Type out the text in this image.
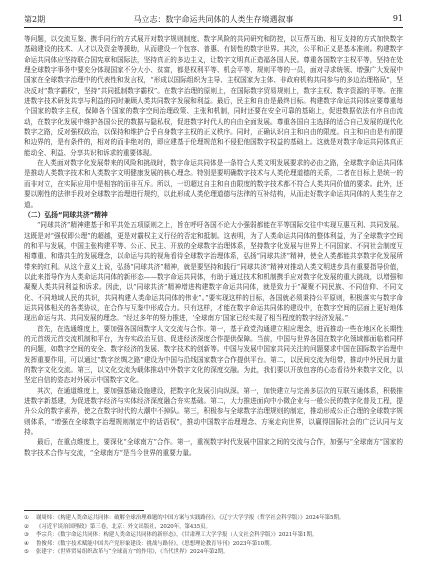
第2期	马立志：数字命运共同体的人类生存境遇叙事	91

等问题，以交流互鉴、携手同行的方式展开对数字规则制度、数字风险的共同研究和防控，以互帮互助、相互支持的方式加快数字基础建设的技术、人才以及资金等援助，从而建设一个包容、普惠、有韧性的数字世界。其次，公平和正义是基本准则。构建数字命运共同体应坚持联合国宪章和国际法，坚持真正的多边主义，让数字文明真正造福各国人民。尊重各国数字主权平等，坚持在处理全球数字事务中要充分体现国家不分大小、贫富，都是权利平等、机会平等、规则平等的一员，面对寻求统领、增强广大发展中国家在全球数字治理中的代表性和发言权，“形成以国际组织为主导、主权国家为主体、非政府机构共同参与的多边治理格局”，坚决反对“数字霸权”，坚持“共同抵制数字霸权”。在数字治理的原则上，在国际数字贸易规则上，数字主权、数字资源的平等。在推进数字技术研发共享与利益的同时兼顾人类共同数字发展和利益。最后，民主和自由是最终目标。构建数字命运共同体应要尊重每个国家的数字主权，保障各个国家的数字空间治理政策、主张和机制，同时还要在安全可靠的基础上，促进数据依法有序自由流动，在数字化发展中维护各国公民的数据与隐私权，促进数字时代人的自由全面发展。尊重各国自主选择的适合自己发展的现代化数字之路，反对强权政治，以保持和维护合乎自身数字主权的正义秩序。同时，正确认识自主和自由的限度。自主和自由是有前提和边界的，是有条件的，相对的而非绝对的，即应建基于伦理规范和不侵犯他国数字权益的基础上。这就是对数字命运共同体真正能动全、利益、分享共识和诉求的重要体现。

在人类面对数字化发展带来的风险和挑战时，数字命运共同体是一条符合人类文明发展要求的必由之路，全球数字命运共同体是推动人类数字技术和人类数字文明健康发展的核心理念。特别是要明确数字技术与人类伦理道德的关系，二者在目标上是统一的而非对立，在实际应用中是相容的而非互斥。所以，一切超过自主和自由限度的数字技术都不符合人类共同价值的要求。此外，还要以刚性的法律手段对全球数字治理进行规约，以此形成人类伦理道德与法律的互补结构，从而走好数字命运共同体的人类生存之道。

（二）弘扬“同球共济”精神

“同球共济”精神建基于和平共处五项原则之上，旨在呼吁各国不论大小强弱都能在平等国际交往中实现互惠互利、共同发展。这既是对“强权即公理”的超越，更是对霸权主义行径的否定和抵制。这表明，为了人类命运共同体的整体利益，为了全球数字空间的和平与发展，中国主张构建平等、公正、民主、开放的全球数字治理体系，坚持数字化发展与世界上不同国家、不同社会制度互相尊重、和谐共生的发展理念，以命运与共的视角看待全球数字治理体系，弘扬“同球共济”精神，使全人类都能共享数字化发展所带来的红利。从这个意义上说，弘扬“同球共济”精神，就是要坚持和践行“同球共济”精神对推动人类文明进步具有重要指导价值，以此来指导作为人类命运共同体的新形态——数字命运共同体，有助于通过技术和机制携手应对数字化发展的重大挑战，以增强和凝聚人类共同利益和诉求。因此，以“同球共济”精神增进构建数字命运共同体，就是致力于“凝聚不同民族、不同信仰、不同文化、不同地域人民的共识，共同构建人类命运共同体的伟业”。”要实现这样的目标，各国就必须秉持公平原则，积极落实与数字命运共同体相关的各类协议，在合作与互鉴中形成合力。只有这样，才能在数字命运共同体的建设中，在数字空间的层面上更好地体现出命运与共、共同发展的理念。“经过多年的努力推进，‘全球南方’国家已经实现了相当程度的数字经济发展。”

首先，在选通维度上，要加强各国间数字人文交流与合作。第一，基于政党沟通建立相应理念，进而推动一些在地区化长期性的元首级元首交流机制和平台，为夯实政治互信、促进经济深度合作提供保障。当前，中国与世界各国在数字化领域都面临着同样的问题，如数字空间的安全、数字经济的发展、数字技术的创新等。中国与发展中国家共同关注的问题要求中国在国际数字治理中发挥重要作用，可以通过“数字丝绸之路”建设为中国与沿线国家数字合作提供平台。第二，以民间交流为纽带，推动中外民间力量的数字文化交流。第三，以文化交流为载体推动中外数字文化的深度交融。为此，我们要以开放包容的心态看待外来数字文化，以坚定自信的姿态对外展示中国数字文化。

其次，在通道维度上，要加强基础设施建设，把数字化发展引向纵深。第一，加快建立与完善多层次的互联互通体系，积极推进数字新基建，为促进数字经济与实体经济深度融合夯实基础。第二，大力推进面向中小微企业与一般公民的数字化普及工程，提升公众的数字素养，使之在数字时代的大潮中不掉队。第三，积极参与全球数字治理规则的制定，推动形成公正合理的全球数字规则体系，“增强在全球数字治理规则制定中的话语权”，推动中国数字治理理念、方案走向世界，以赢得国际社会的广泛认同与支持。

最后，在重点维度上，要深化“全球南方”合作。第一，重视数字时代发展中国家之间的交流与合作，加强与“全球南方”国家的数字技术合作与交流，“全球南方”是当今世界的重要力量。

①	谢周炜：《构建人类命运共同体：破解全球治理难题的中国方案与实践路径》，《辽宁大学学报（哲学社会科学版）》2024年第5期。
②	《习近平谈治国理政》第三卷，北京：外文出版社，2020年，第435页。
③	李宗兵：《数字命运共同体：构建人类命运共同体的新形态》，《甘肃理工大学学报（人文社会科学版）》2021年第1期。
④	鲁俊邦：《数字技术赋能中国共产党形象建设：挑战与路径》，《思想理论教育导刊》2023年第10期。
⑤	张建宇：《世界贸易组织改革与“全球南方”的作用》，《当代世界》2024年第2期。
